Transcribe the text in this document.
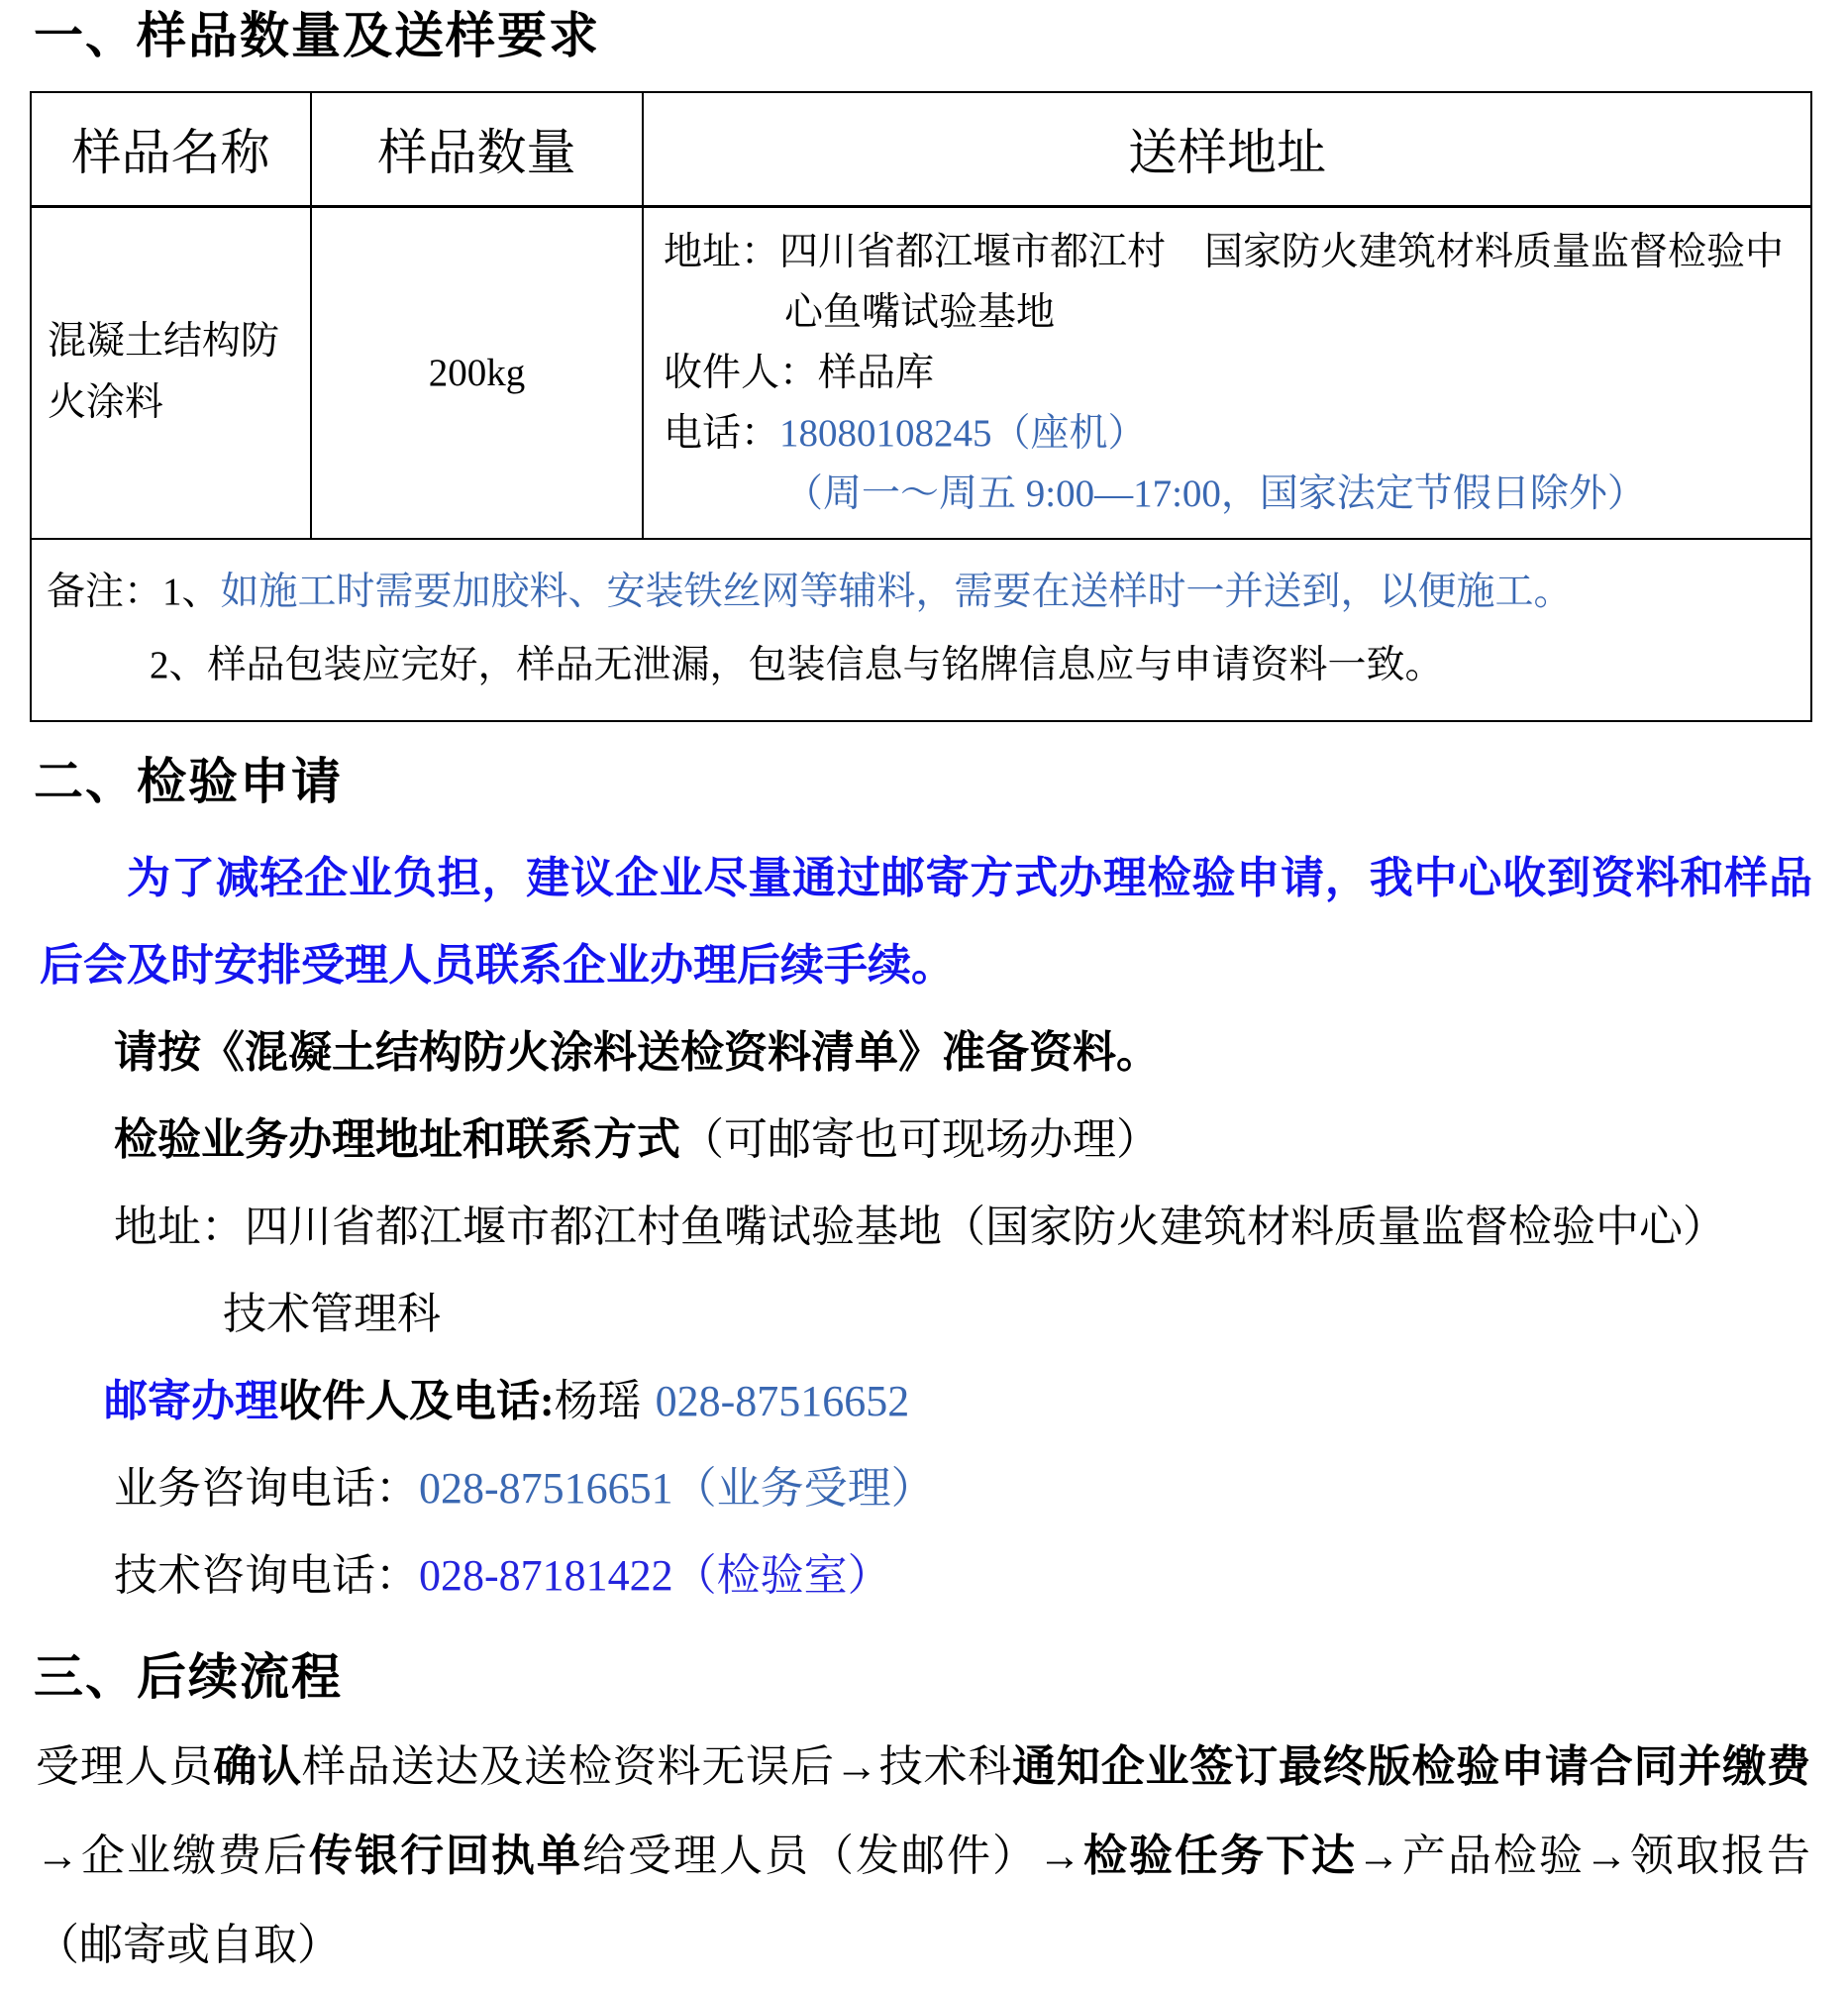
一、样品数量及送样要求
样品名称	样品数量	送样地址
混凝土结构防火涂料	200kg	地址：四川省都江堰市都江村　国家防火建筑材料质量监督检验中心鱼嘴试验基地

收件人：样品库

电话：18080108245（座机）

（周一～周五 9:00—17:00，国家法定节假日除外）

备注：1、如施工时需要加胶料、安装铁丝网等辅料，需要在送样时一并送到，以便施工。

2、样品包装应完好，样品无泄漏，包装信息与铭牌信息应与申请资料一致。		

二、检验申请

为了减轻企业负担，建议企业尽量通过邮寄方式办理检验申请，我中心收到资料和样品后会及时安排受理人员联系企业办理后续手续。

请按《混凝土结构防火涂料送检资料清单》准备资料。

检验业务办理地址和联系方式（可邮寄也可现场办理）

地址：四川省都江堰市都江村鱼嘴试验基地（国家防火建筑材料质量监督检验中心）

技术管理科

邮寄办理收件人及电话:杨瑶 028-87516652

业务咨询电话：028-87516651（业务受理）

技术咨询电话：028-87181422（检验室）

三、后续流程

受理人员确认样品送达及送检资料无误后→技术科通知企业签订最终版检验申请合同并缴费→企业缴费后传银行回执单给受理人员（发邮件）→检验任务下达→产品检验→领取报告（邮寄或自取）
